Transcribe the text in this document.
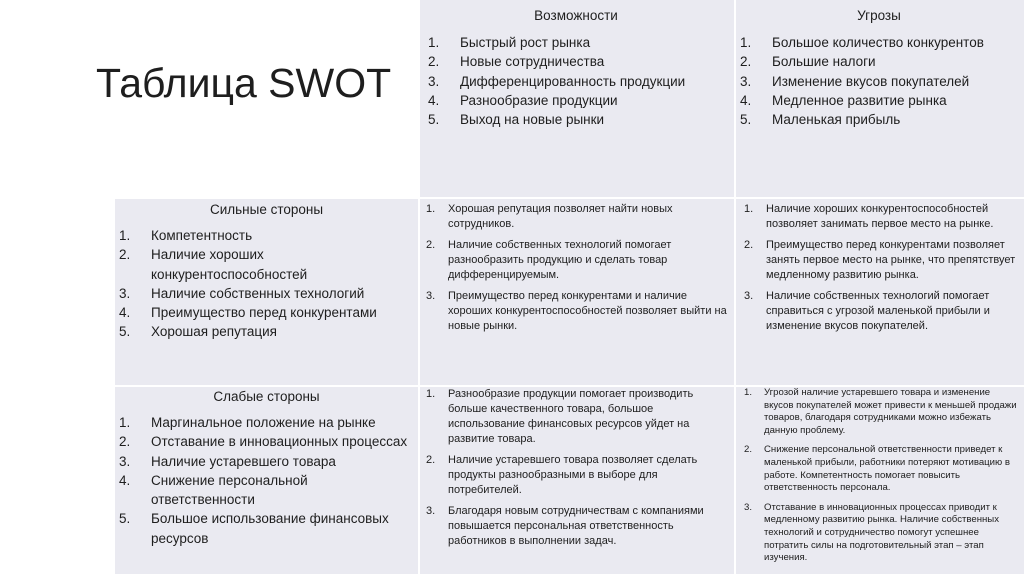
Таблица SWOT

Возможности

1. Быстрый рост рынка
2. Новые сотрудничества
3. Дифференцированность продукции
4. Разнообразие продукции
5. Выход на новые рынки

Угрозы

1. Большое количество конкурентов
2. Большие налоги
3. Изменение вкусов покупателей
4. Медленное развитие рынка
5. Маленькая прибыль

Сильные стороны

1. Компетентность
2. Наличие хороших конкурентоспособностей
3. Наличие собственных технологий
4. Преимущество перед конкурентами
5. Хорошая репутация
1. Хорошая репутация позволяет найти новых сотрудников.
2. Наличие собственных технологий помогает разнообразить продукцию и сделать товар дифференцируемым.
3. Преимущество перед конкурентами и наличие хороших конкурентоспособностей позволяет выйти на новые рынки.
1. Наличие хороших конкурентоспособностей позволяет занимать первое место на рынке.
2. Преимущество перед конкурентами позволяет занять первое место на рынке, что препятствует медленному развитию рынка.
3. Наличие собственных технологий помогает справиться с угрозой маленькой прибыли и изменение вкусов покупателей.

Слабые стороны

1. Маргинальное положение на рынке
2. Отставание в инновационных процессах
3. Наличие устаревшего товара
4. Снижение персональной ответственности
5. Большое использование финансовых ресурсов
1. Разнообразие продукции помогает производить больше качественного товара, большое использование финансовых ресурсов уйдет на развитие товара.
2. Наличие устаревшего товара позволяет сделать продукты разнообразными в выборе для потребителей.
3. Благодаря новым сотрудничествам с компаниями повышается персональная ответственность работников в выполнении задач.
1. Угрозой наличие устаревшего товара и изменение вкусов покупателей может привести к меньшей продажи товаров, благодаря сотрудниками можно избежать данную проблему.
2. Снижение персональной ответственности приведет к маленькой прибыли, работники потеряют мотивацию в работе. Компетентность помогает повысить ответственность персонала.
3. Отставание в инновационных процессах приводит к медленному развитию рынка. Наличие собственных технологий и сотрудничество помогут успешнее потратить силы на подготовительный этап – этап изучения.
